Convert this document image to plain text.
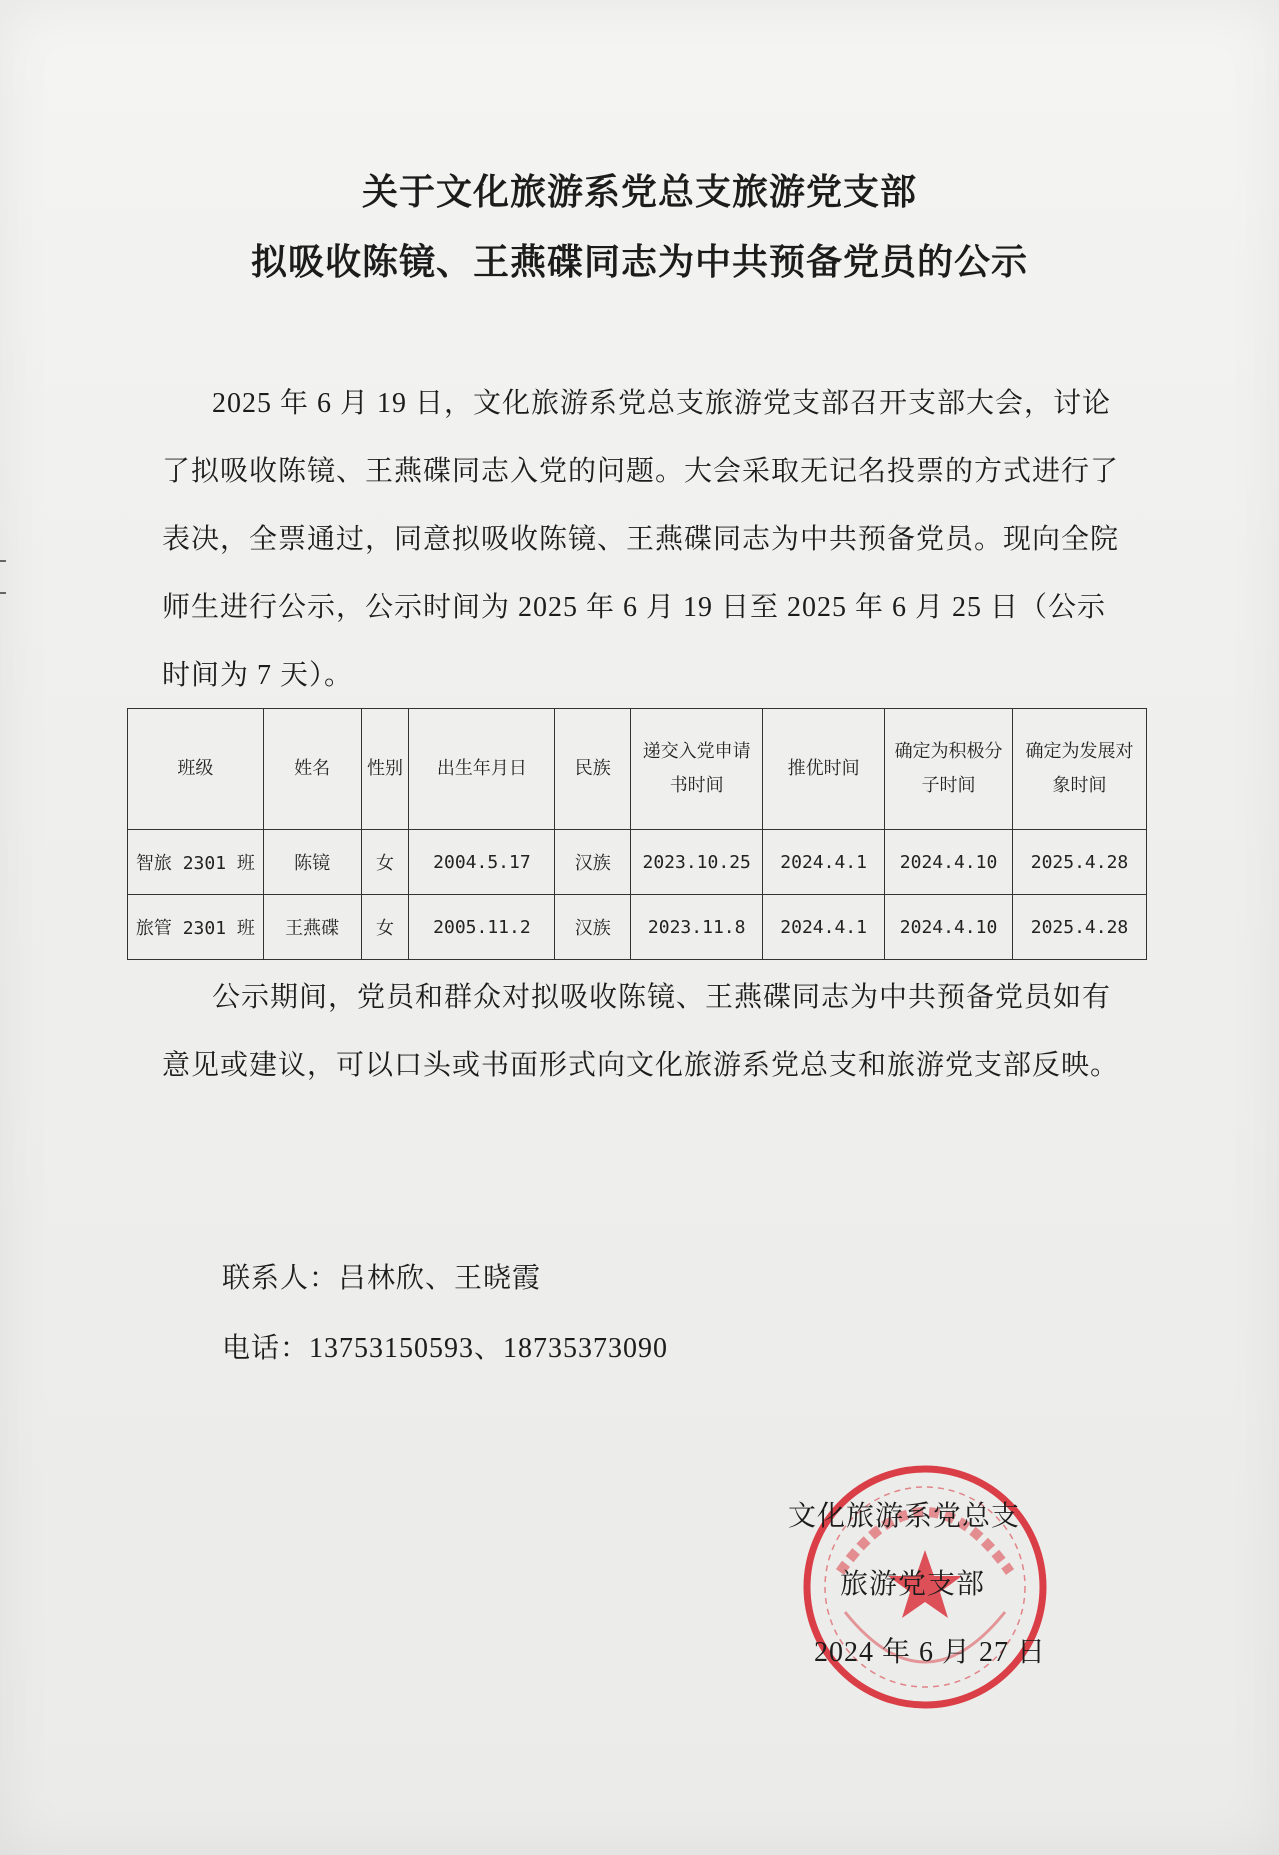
关于文化旅游系党总支旅游党支部
拟吸收陈镜、王燕碟同志为中共预备党员的公示

2025 年 6 月 19 日，文化旅游系党总支旅游党支部召开支部大会，讨论了拟吸收陈镜、王燕碟同志入党的问题。大会采取无记名投票的方式进行了表决，全票通过，同意拟吸收陈镜、王燕碟同志为中共预备党员。现向全院师生进行公示，公示时间为 2025 年 6 月 19 日至 2025 年 6 月 25 日（公示时间为 7 天）。

班级	姓名	性别	出生年月日	民族	递交入党申请书时间	推优时间	确定为积极分子时间	确定为发展对象时间
智旅 2301 班	陈镜	女	2004.5.17	汉族	2023.10.25	2024.4.1	2024.4.10	2025.4.28
旅管 2301 班	王燕碟	女	2005.11.2	汉族	2023.11.8	2024.4.1	2024.4.10	2025.4.28

公示期间，党员和群众对拟吸收陈镜、王燕碟同志为中共预备党员如有意见或建议，可以口头或书面形式向文化旅游系党总支和旅游党支部反映。

联系人：吕林欣、王晓霞
电话：13753150593、18735373090
文化旅游系党总支
旅游党支部
2024 年 6 月 27 日
